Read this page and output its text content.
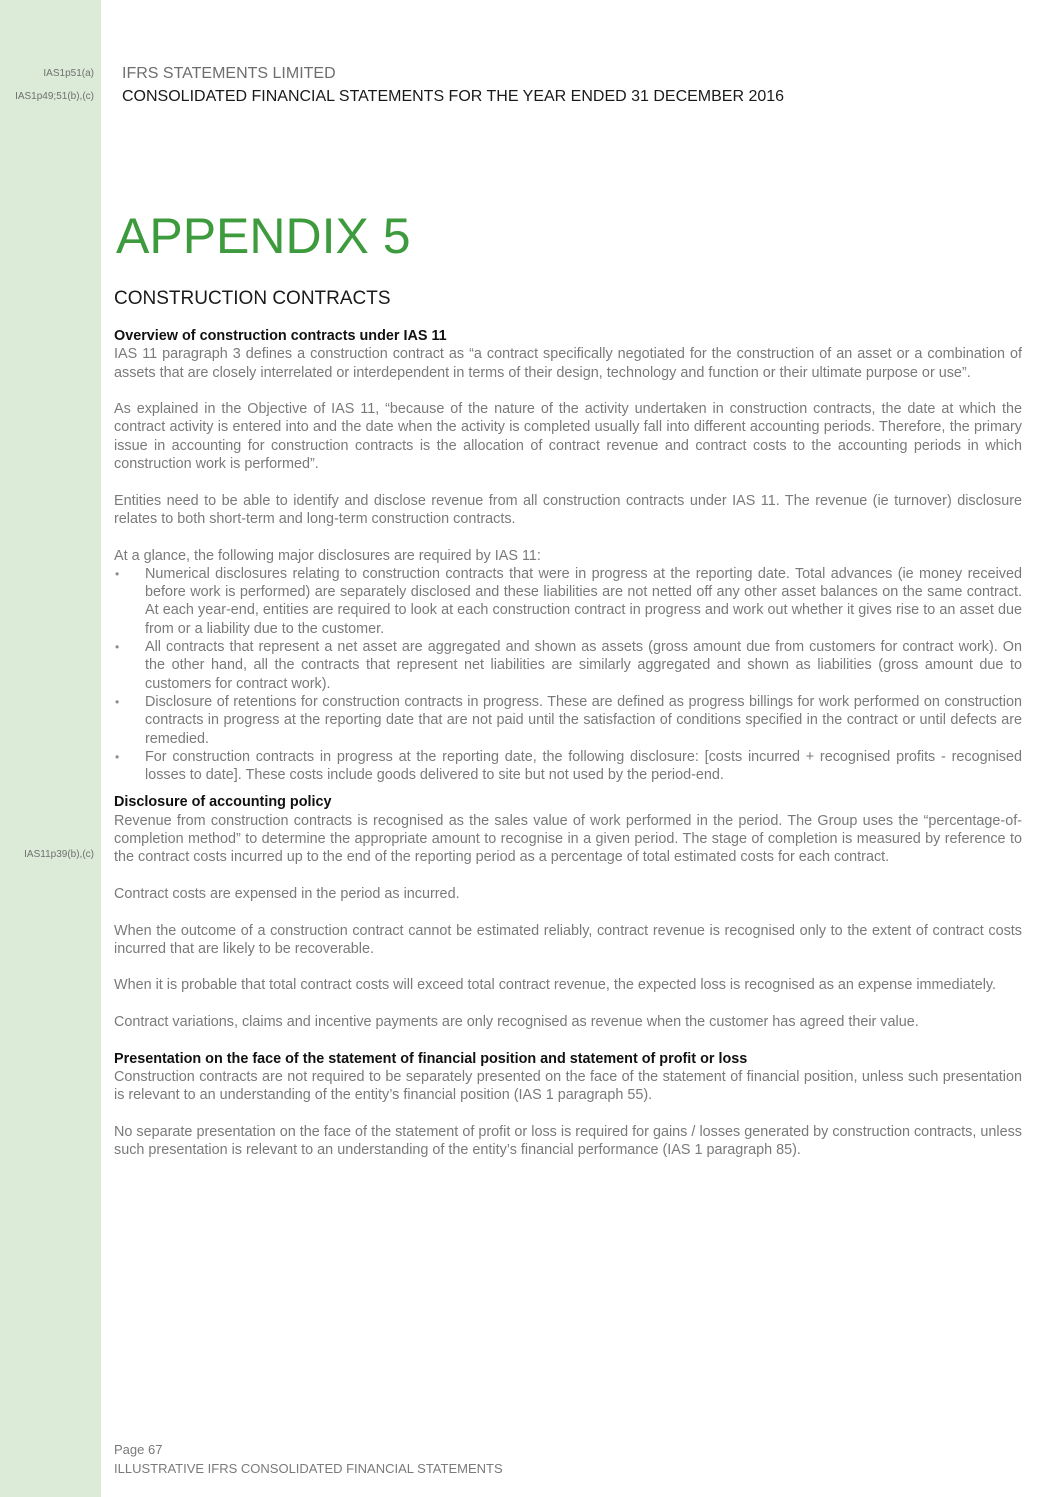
IAS1p51(a)
IAS1p49;51(b),(c)
IAS11p39(b),(c)
IFRS STATEMENTS LIMITED
CONSOLIDATED FINANCIAL STATEMENTS FOR THE YEAR ENDED 31 DECEMBER 2016
APPENDIX 5
CONSTRUCTION CONTRACTS
Overview of construction contracts under IAS 11

IAS 11 paragraph 3 defines a construction contract as “a contract specifically negotiated for the construction of an asset or a combination of assets that are closely interrelated or interdependent in terms of their design, technology and function or their ultimate purpose or use”.

As explained in the Objective of IAS 11, “because of the nature of the activity undertaken in construction contracts, the date at which the contract activity is entered into and the date when the activity is completed usually fall into different accounting periods. Therefore, the primary issue in accounting for construction contracts is the allocation of contract revenue and contract costs to the accounting periods in which construction work is performed”.

Entities need to be able to identify and disclose revenue from all construction contracts under IAS 11. The revenue (ie turnover) disclosure relates to both short-term and long-term construction contracts.

At a glance, the following major disclosures are required by IAS 11:

• Numerical disclosures relating to construction contracts that were in progress at the reporting date. Total advances (ie money received before work is performed) are separately disclosed and these liabilities are not netted off any other asset balances on the same contract. At each year-end, entities are required to look at each construction contract in progress and work out whether it gives rise to an asset due from or a liability due to the customer.
• All contracts that represent a net asset are aggregated and shown as assets (gross amount due from customers for contract work). On the other hand, all the contracts that represent net liabilities are similarly aggregated and shown as liabilities (gross amount due to customers for contract work).
• Disclosure of retentions for construction contracts in progress. These are defined as progress billings for work performed on construction contracts in progress at the reporting date that are not paid until the satisfaction of conditions specified in the contract or until defects are remedied.
• For construction contracts in progress at the reporting date, the following disclosure: [costs incurred + recognised profits - recognised losses to date]. These costs include goods delivered to site but not used by the period-end.
Disclosure of accounting policy

Revenue from construction contracts is recognised as the sales value of work performed in the period. The Group uses the “percentage-of-completion method” to determine the appropriate amount to recognise in a given period. The stage of completion is measured by reference to the contract costs incurred up to the end of the reporting period as a percentage of total estimated costs for each contract.

Contract costs are expensed in the period as incurred.

When the outcome of a construction contract cannot be estimated reliably, contract revenue is recognised only to the extent of contract costs incurred that are likely to be recoverable.

When it is probable that total contract costs will exceed total contract revenue, the expected loss is recognised as an expense immediately.

Contract variations, claims and incentive payments are only recognised as revenue when the customer has agreed their value.

Presentation on the face of the statement of financial position and statement of profit or loss

Construction contracts are not required to be separately presented on the face of the statement of financial position, unless such presentation is relevant to an understanding of the entity’s financial position (IAS 1 paragraph 55).

No separate presentation on the face of the statement of profit or loss is required for gains / losses generated by construction contracts, unless such presentation is relevant to an understanding of the entity’s financial performance (IAS 1 paragraph 85).

Page 67
ILLUSTRATIVE IFRS CONSOLIDATED FINANCIAL STATEMENTS
